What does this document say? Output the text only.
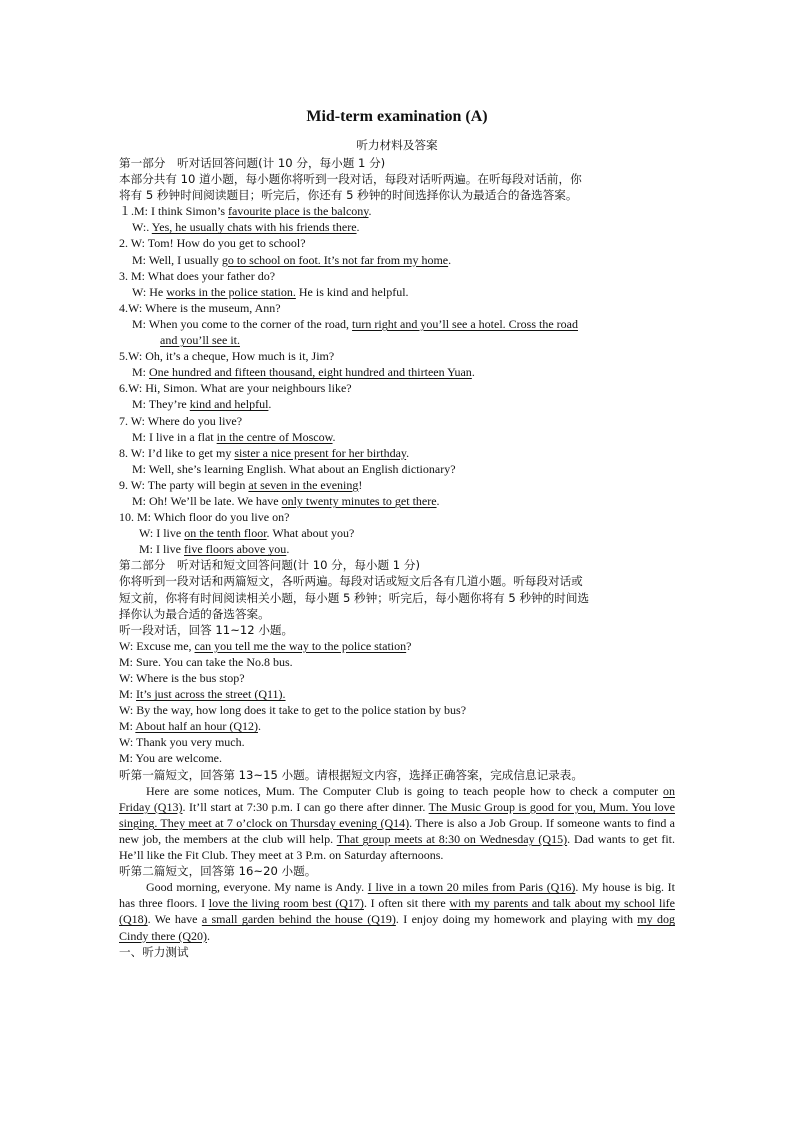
Mid-term examination (A)
听力材料及答案
第一部分　听对话回答问题(计 10 分，每小题 1 分)
本部分共有 10 道小题，每小题你将听到一段对话，每段对话听两遍。在听每段对话前，你
将有 5 秒钟时间阅读题目；听完后，你还有 5 秒钟的时间选择你认为最适合的备选答案。
１.M: I think Simon’s favourite place is the balcony.
W:. Yes, he usually chats with his friends there.
2. W: Tom! How do you get to school?
M: Well, I usually go to school on foot. It’s not far from my home.
3. M: What does your father do?
W: He works in the police station. He is kind and helpful.
4.W: Where is the museum, Ann?
M: When you come to the corner of the road, turn right and you’ll see a hotel. Cross the road
and you’ll see it.
5.W: Oh, it’s a cheque, How much is it, Jim?
M: One hundred and fifteen thousand, eight hundred and thirteen Yuan.
6.W: Hi, Simon. What are your neighbours like?
M: They’re kind and helpful.
7. W: Where do you live?
M: I live in a flat in the centre of Moscow.
8. W: I’d like to get my sister a nice present for her birthday.
M: Well, she’s learning English. What about an English dictionary?
9. W: The party will begin at seven in the evening!
M: Oh! We’ll be late. We have only twenty minutes to get there.
10. M: Which floor do you live on?
W: I live on the tenth floor. What about you?
M: I live five floors above you.
第二部分　听对话和短文回答问题(计 10 分，每小题 1 分)
你将听到一段对话和两篇短文，各听两遍。每段对话或短文后各有几道小题。听每段对话或
短文前，你将有时间阅读相关小题，每小题 5 秒钟；听完后，每小题你将有 5 秒钟的时间选
择你认为最合适的备选答案。
听一段对话，回答 11~12 小题。
W: Excuse me, can you tell me the way to the police station?
M: Sure. You can take the No.8 bus.
W: Where is the bus stop?
M: It’s just across the street (Q11).
W: By the way, how long does it take to get to the police station by bus?
M: About half an hour (Q12).
W: Thank you very much.
M: You are welcome.
听第一篇短文，回答第 13~15 小题。请根据短文内容，选择正确答案，完成信息记录表。
Here are some notices, Mum. The Computer Club is going to teach people how to check a computer on Friday (Q13). It’ll start at 7:30 p.m. I can go there after dinner. The Music Group is good for you, Mum. You love singing. They meet at 7 o’clock on Thursday evening (Q14). There is also a Job Group. If someone wants to find a new job, the members at the club will help. That group meets at 8:30 on Wednesday (Q15). Dad wants to get fit. He’ll like the Fit Club. They meet at 3 P.m. on Saturday afternoons.
听第二篇短文，回答第 16~20 小题。
Good morning, everyone. My name is Andy. I live in a town 20 miles from Paris (Q16). My house is big. It has three floors. I love the living room best (Q17). I often sit there with my parents and talk about my school life (Q18). We have a small garden behind the house (Q19). I enjoy doing my homework and playing with my dog Cindy there (Q20).
一、听力测试
